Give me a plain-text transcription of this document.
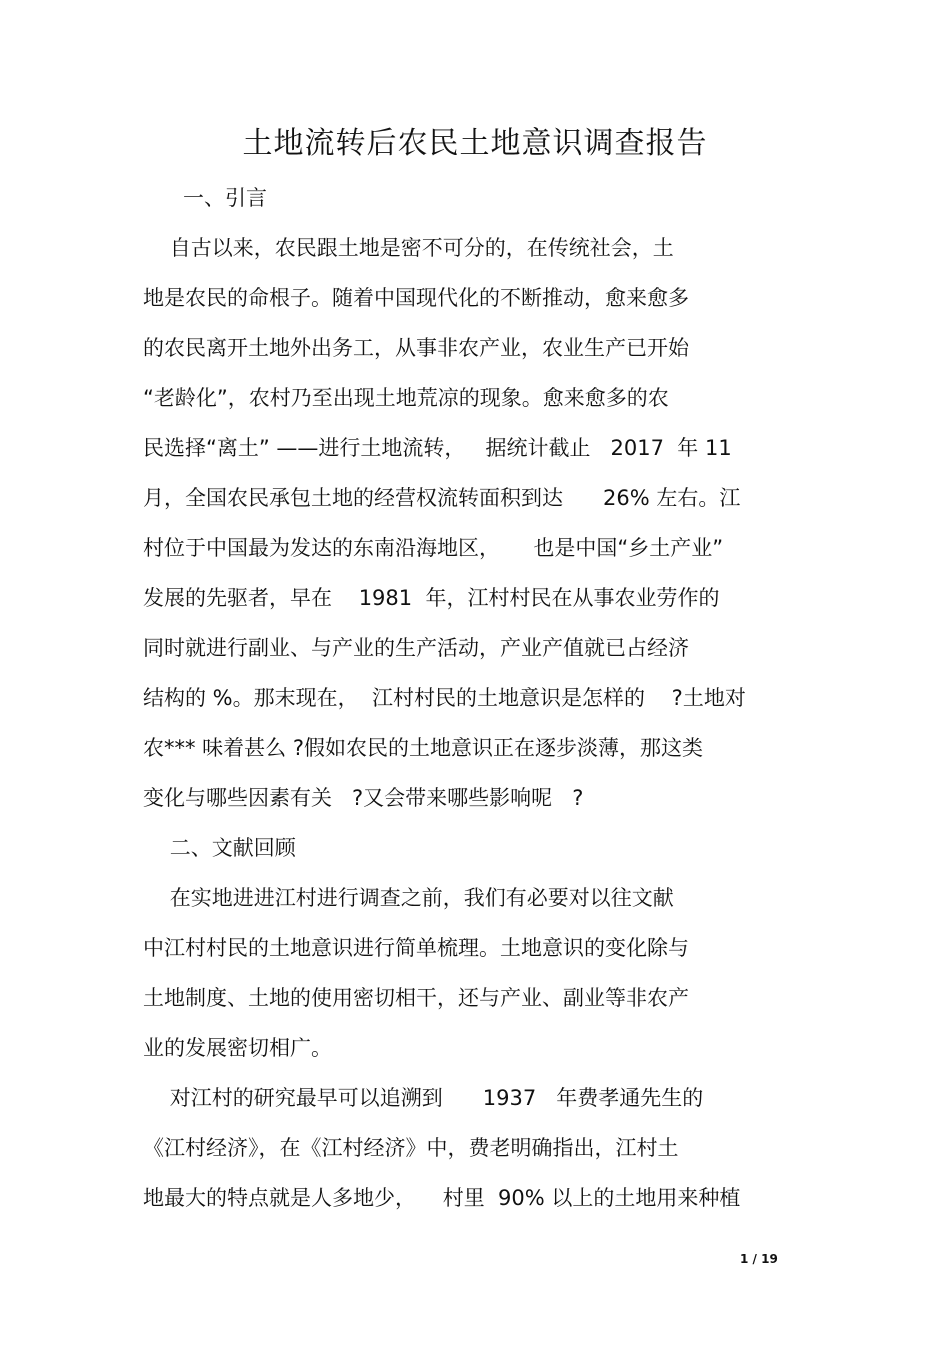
土地流转后农民土地意识调查报告

一、引言

自古以来，农民跟土地是密不可分的，在传统社会，土

地是农民的命根子。随着中国现代化的不断推动，愈来愈多

的农民离开土地外出务工，从事非农产业，农业生产已开始

“老龄化”，农村乃至出现土地荒凉的现象。愈来愈多的农

民选择“离土” ——进行土地流转，   据统计截止   2017  年 11

月，全国农民承包土地的经营权流转面积到达      26% 左右。江

村位于中国最为发达的东南沿海地区，     也是中国“乡土产业”

发展的先驱者，早在    1981  年，江村村民在从事农业劳作的

同时就进行副业、与产业的生产活动，产业产值就已占经济

结构的 %。那末现在，  江村村民的土地意识是怎样的    ?土地对

农*** 味着甚么 ?假如农民的土地意识正在逐步淡薄，那这类

变化与哪些因素有关   ?又会带来哪些影响呢   ?

二、文献回顾

在实地进进江村进行调查之前，我们有必要对以往文献

中江村村民的土地意识进行简单梳理。土地意识的变化除与

土地制度、土地的使用密切相干，还与产业、副业等非农产

业的发展密切相广。

对江村的研究最早可以追溯到      1937   年费孝通先生的

《江村经济》，在《江村经济》中，费老明确指出，江村土

地最大的特点就是人多地少，    村里  90% 以上的土地用来种植

1 / 19
